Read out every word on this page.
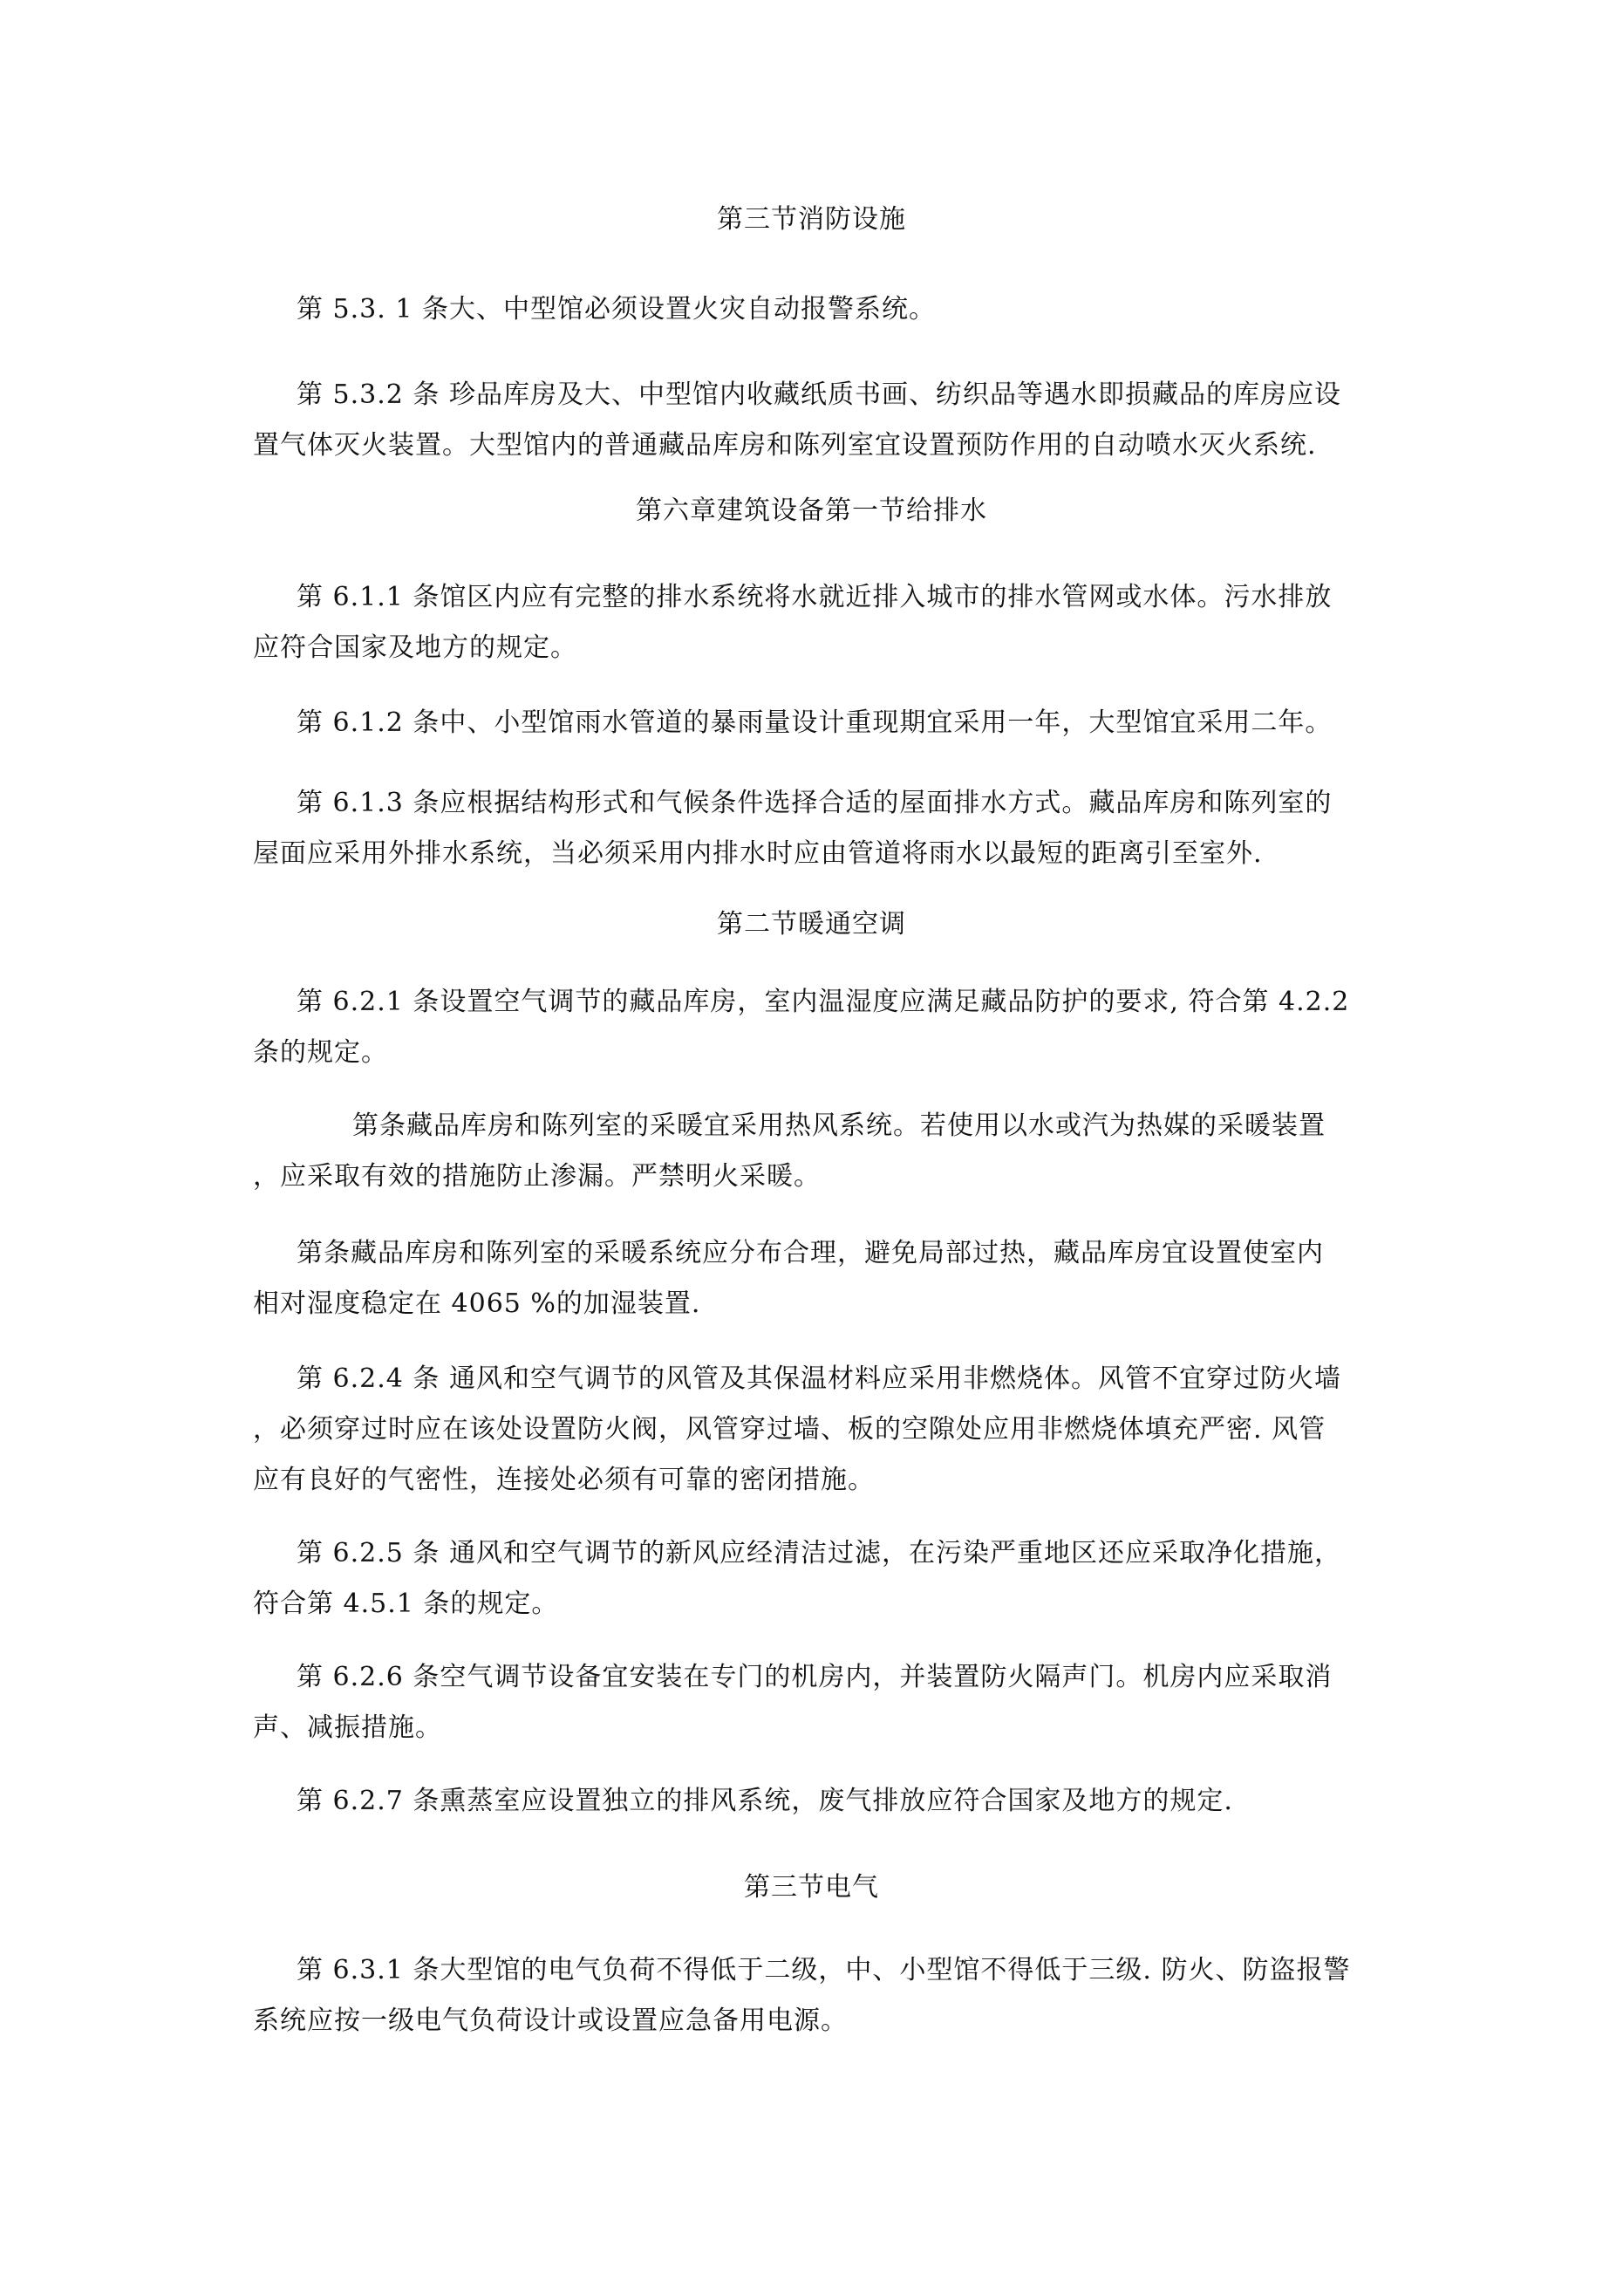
第三节消防设施
第 5.3. 1 条大、中型馆必须设置火灾自动报警系统。
第 5.3.2 条 珍品库房及大、中型馆内收藏纸质书画、纺织品等遇水即损藏品的库房应设
置气体灭火装置。大型馆内的普通藏品库房和陈列室宜设置预防作用的自动喷水灭火系统.
第六章建筑设备第一节给排水
第 6.1.1 条馆区内应有完整的排水系统将水就近排入城市的排水管网或水体。污水排放
应符合国家及地方的规定。
第 6.1.2 条中、小型馆雨水管道的暴雨量设计重现期宜采用一年，大型馆宜采用二年。
第 6.1.3 条应根据结构形式和气候条件选择合适的屋面排水方式。藏品库房和陈列室的
屋面应采用外排水系统，当必须采用内排水时应由管道将雨水以最短的距离引至室外.
第二节暖通空调
第 6.2.1 条设置空气调节的藏品库房，室内温湿度应满足藏品防护的要求, 符合第 4.2.2
条的规定。
第条藏品库房和陈列室的采暖宜采用热风系统。若使用以水或汽为热媒的采暖装置
，应采取有效的措施防止渗漏。严禁明火采暖。
第条藏品库房和陈列室的采暖系统应分布合理，避免局部过热，藏品库房宜设置使室内
相对湿度稳定在 4065 %的加湿装置.
第 6.2.4 条 通风和空气调节的风管及其保温材料应采用非燃烧体。风管不宜穿过防火墙
，必须穿过时应在该处设置防火阀，风管穿过墙、板的空隙处应用非燃烧体填充严密. 风管
应有良好的气密性，连接处必须有可靠的密闭措施。
第 6.2.5 条 通风和空气调节的新风应经清洁过滤，在污染严重地区还应采取净化措施，
符合第 4.5.1 条的规定。
第 6.2.6 条空气调节设备宜安装在专门的机房内，并装置防火隔声门。机房内应采取消
声、减振措施。
第 6.2.7 条熏蒸室应设置独立的排风系统，废气排放应符合国家及地方的规定.
第三节电气
第 6.3.1 条大型馆的电气负荷不得低于二级，中、小型馆不得低于三级. 防火、防盗报警
系统应按一级电气负荷设计或设置应急备用电源。
